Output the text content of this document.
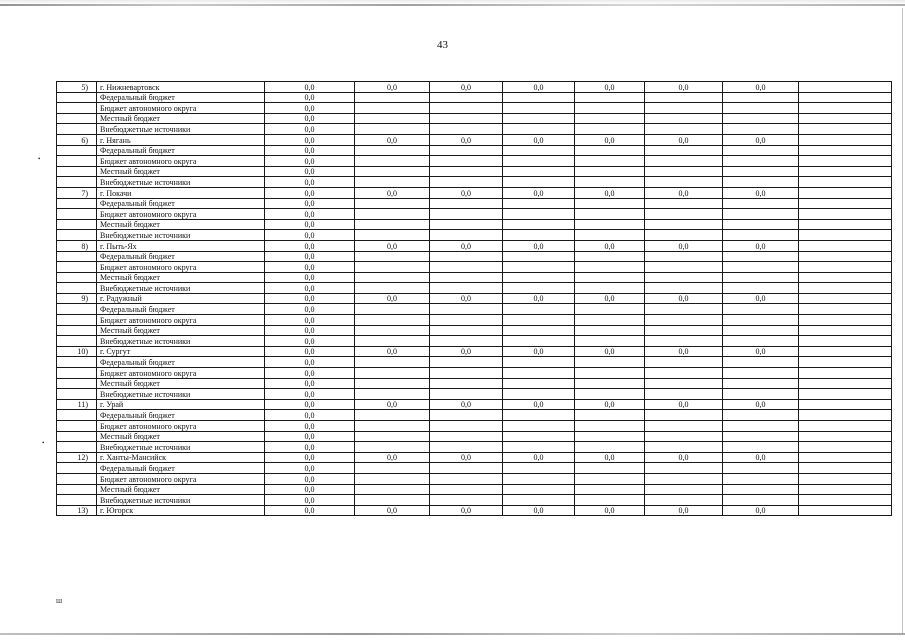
43
5)	г. Нижневартовск	0,0	0,0	0,0	0,0	0,0	0,0	0,0	
	Федеральный бюджет	0,0							
	Бюджет автономного округа	0,0							
	Местный бюджет	0,0							
	Внебюджетные источники	0,0							
6)	г. Нягань	0,0	0,0	0,0	0,0	0,0	0,0	0,0	
	Федеральный бюджет	0,0							
	Бюджет автономного округа	0,0							
	Местный бюджет	0,0							
	Внебюджетные источники	0,0							
7)	г. Покачи	0,0	0,0	0,0	0,0	0,0	0,0	0,0	
	Федеральный бюджет	0,0							
	Бюджет автономного округа	0,0							
	Местный бюджет	0,0							
	Внебюджетные источники	0,0							
8)	г. Пыть-Ях	0,0	0,0	0,0	0,0	0,0	0,0	0,0	
	Федеральный бюджет	0,0							
	Бюджет автономного округа	0,0							
	Местный бюджет	0,0							
	Внебюджетные источники	0,0							
9)	г. Радужный	0,0	0,0	0,0	0,0	0,0	0,0	0,0	
	Федеральный бюджет	0,0							
	Бюджет автономного округа	0,0							
	Местный бюджет	0,0							
	Внебюджетные источники	0,0							
10)	г. Сургут	0,0	0,0	0,0	0,0	0,0	0,0	0,0	
	Федеральный бюджет	0,0							
	Бюджет автономного округа	0,0							
	Местный бюджет	0,0							
	Внебюджетные источники	0,0							
11)	г. Урай	0,0	0,0	0,0	0,0	0,0	0,0	0,0	
	Федеральный бюджет	0,0							
	Бюджет автономного округа	0,0							
	Местный бюджет	0,0							
	Внебюджетные источники	0,0							
12)	г. Ханты-Мансийск	0,0	0,0	0,0	0,0	0,0	0,0	0,0	
	Федеральный бюджет	0,0							
	Бюджет автономного округа	0,0							
	Местный бюджет	0,0							
	Внебюджетные источники	0,0							
13)	г. Югорск	0,0	0,0	0,0	0,0	0,0	0,0	0,0	
•
•
ш
